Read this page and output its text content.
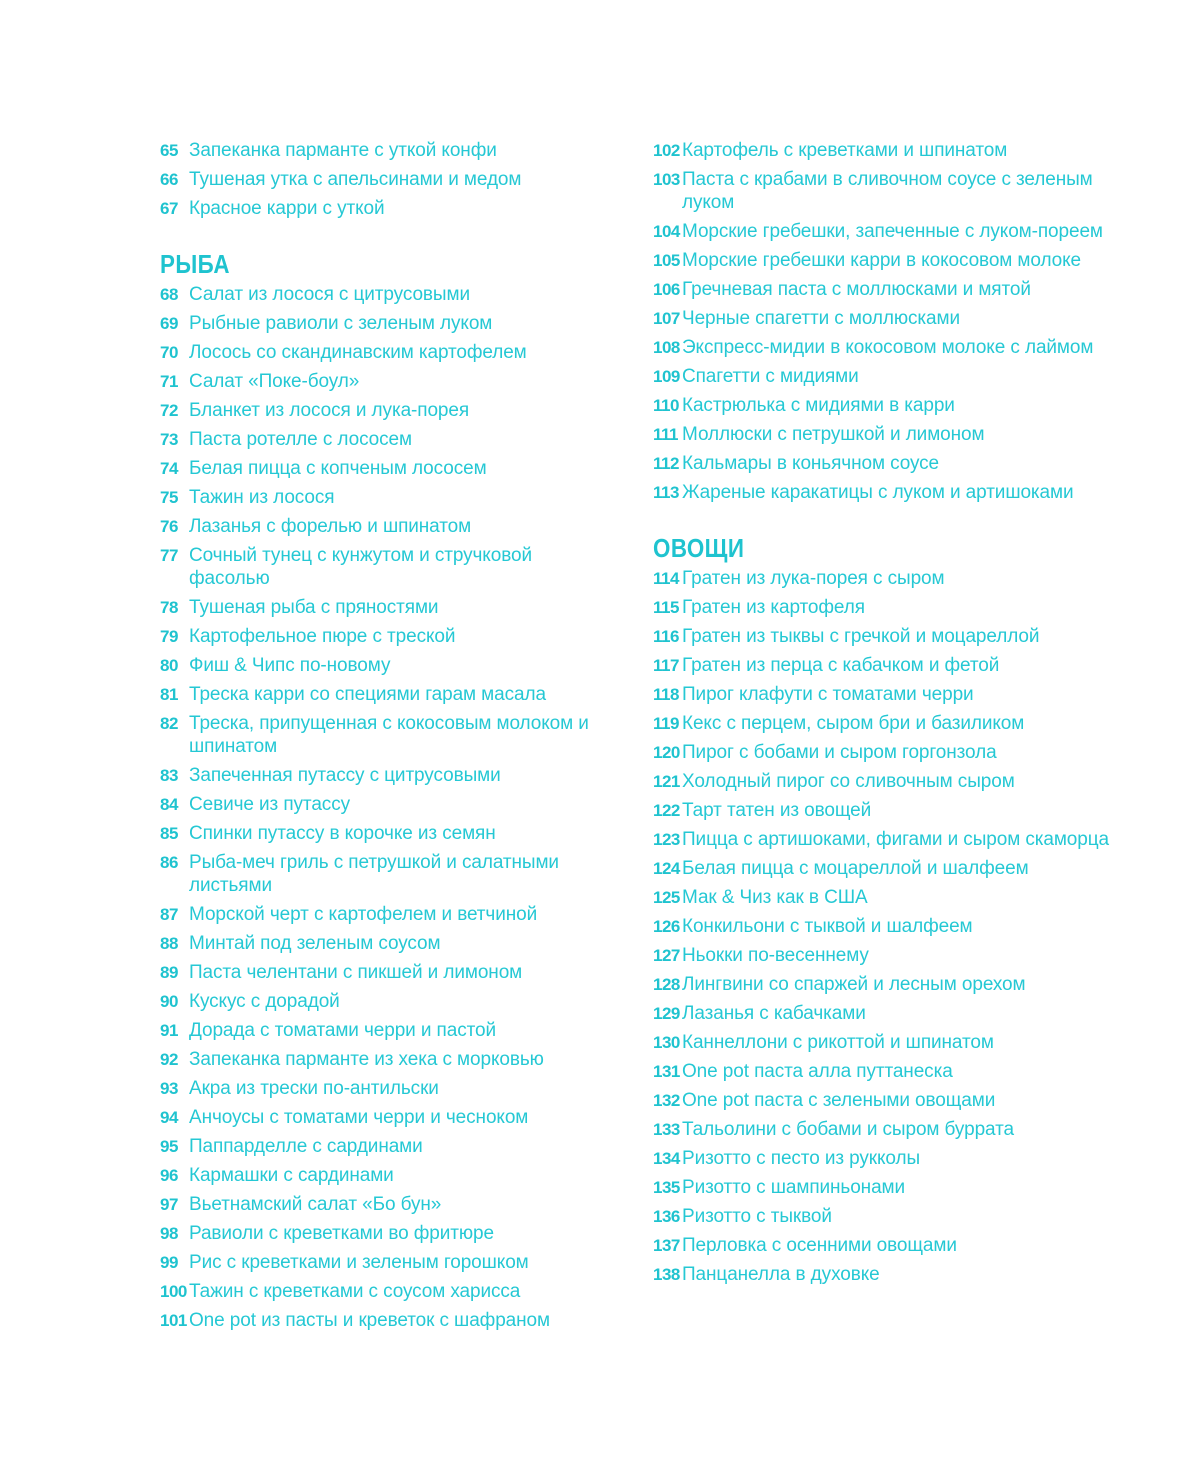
65 Запеканка парманте с уткой конфи
66 Тушеная утка с апельсинами и медом
67 Красное карри с уткой
РЫБА
68 Салат из лосося с цитрусовыми
69 Рыбные равиоли с зеленым луком
70 Лосось со скандинавским картофелем
71 Салат «Поке-боул»
72 Бланкет из лосося и лука-порея
73 Паста ротелле с лососем
74 Белая пицца с копченым лососем
75 Тажин из лосося
76 Лазанья с форелью и шпинатом
77 Сочный тунец с кунжутом и стручковой фасолью
78 Тушеная рыба с пряностями
79 Картофельное пюре с треской
80 Фиш & Чипс по-новому
81 Треска карри со специями гарам масала
82 Треска, припущенная с кокосовым молоком и шпинатом
83 Запеченная путассу с цитрусовыми
84 Севиче из путассу
85 Спинки путассу в корочке из семян
86 Рыба-меч гриль с петрушкой и салатными листьями
87 Морской черт с картофелем и ветчиной
88 Минтай под зеленым соусом
89 Паста челентани с пикшей и лимоном
90 Кускус с дорадой
91 Дорада с томатами черри и пастой
92 Запеканка парманте из хека с морковью
93 Акра из трески по-антильски
94 Анчоусы с томатами черри и чесноком
95 Паппарделле с сардинами
96 Кармашки с сардинами
97 Вьетнамский салат «Бо бун»
98 Равиоли с креветками во фритюре
99 Рис с креветками и зеленым горошком
100 Тажин с креветками с соусом харисса
101 One pot из пасты и креветок с шафраном
102 Картофель с креветками и шпинатом
103 Паста с крабами в сливочном соусе с зеленым луком
104 Морские гребешки, запеченные с луком-пореем
105 Морские гребешки карри в кокосовом молоке
106 Гречневая паста с моллюсками и мятой
107 Черные спагетти с моллюсками
108 Экспресс-мидии в кокосовом молоке с лаймом
109 Спагетти с мидиями
110 Кастрюлька с мидиями в карри
111 Моллюски с петрушкой и лимоном
112 Кальмары в коньячном соусе
113 Жареные каракатицы с луком и артишоками
ОВОЩИ
114 Гратен из лука-порея с сыром
115 Гратен из картофеля
116 Гратен из тыквы с гречкой и моцареллой
117 Гратен из перца с кабачком и фетой
118 Пирог клафути с томатами черри
119 Кекс с перцем, сыром бри и базиликом
120 Пирог с бобами и сыром горгонзола
121 Холодный пирог со сливочным сыром
122 Тарт татен из овощей
123 Пицца с артишоками, фигами и сыром скаморца
124 Белая пицца с моцареллой и шалфеем
125 Мак & Чиз как в США
126 Конкильони с тыквой и шалфеем
127 Ньокки по-весеннему
128 Лингвини со спаржей и лесным орехом
129 Лазанья с кабачками
130 Каннеллони с рикоттой и шпинатом
131 One pot паста алла путтанеска
132 One pot паста с зелеными овощами
133 Тальолини с бобами и сыром буррата
134 Ризотто с песто из рукколы
135 Ризотто с шампиньонами
136 Ризотто с тыквой
137 Перловка с осенними овощами
138 Панцанелла в духовке
